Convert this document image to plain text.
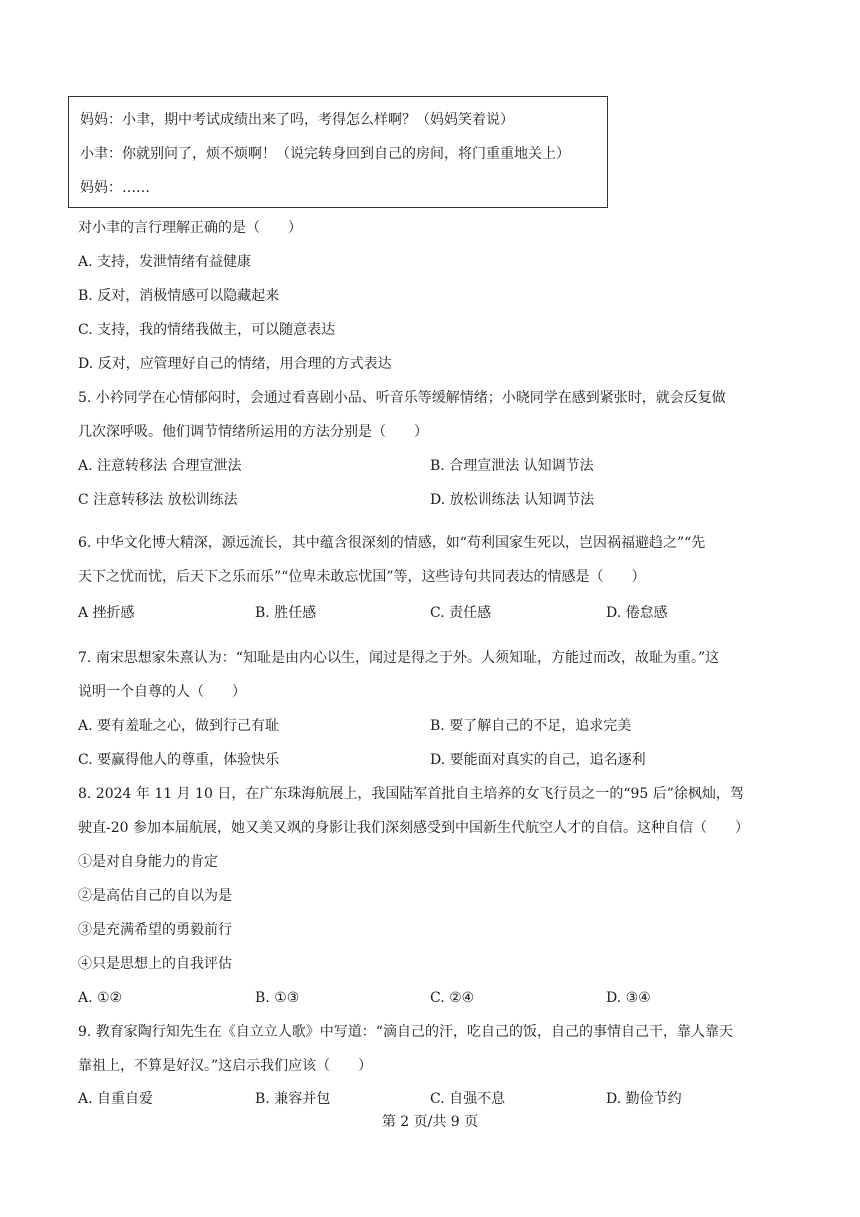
妈妈：小聿，期中考试成绩出来了吗，考得怎么样啊？（妈妈笑着说）
小聿：你就别问了，烦不烦啊！（说完转身回到自己的房间，将门重重地关上）
妈妈：……
对小聿的言行理解正确的是（　　）
A. 支持，发泄情绪有益健康
B. 反对，消极情感可以隐藏起来
C. 支持，我的情绪我做主，可以随意表达
D. 反对，应管理好自己的情绪，用合理的方式表达
5. 小衿同学在心情郁闷时，会通过看喜剧小品、听音乐等缓解情绪；小晓同学在感到紧张时，就会反复做
几次深呼吸。他们调节情绪所运用的方法分别是（　　）
A. 注意转移法 合理宣泄法	B. 合理宣泄法 认知调节法
C 注意转移法 放松训练法	D. 放松训练法 认知调节法
6. 中华文化博大精深，源远流长，其中蕴含很深刻的情感，如“苟利国家生死以，岂因祸福避趋之”“先
天下之忧而忧，后天下之乐而乐”“位卑未敢忘忧国”等，这些诗句共同表达的情感是（　　）
A 挫折感	B. 胜任感	C. 责任感	D. 倦怠感
7. 南宋思想家朱熹认为：“知耻是由内心以生，闻过是得之于外。人须知耻，方能过而改，故耻为重。”这
说明一个自尊的人（　　）
A. 要有羞耻之心，做到行己有耻	B. 要了解自己的不足，追求完美
C. 要赢得他人的尊重，体验快乐	D. 要能面对真实的自己，追名逐利
8. 2024 年 11 月 10 日，在广东珠海航展上，我国陆军首批自主培养的女飞行员之一的“95 后”徐枫灿，驾
驶直-20 参加本届航展，她又美又飒的身影让我们深刻感受到中国新生代航空人才的自信。这种自信（　　）
①是对自身能力的肯定
②是高估自己的自以为是
③是充满希望的勇毅前行
④只是思想上的自我评估
A. ①②	B. ①③	C. ②④	D. ③④
9. 教育家陶行知先生在《自立立人歌》中写道：“滴自己的汗，吃自己的饭，自己的事情自己干，靠人靠天
靠祖上，不算是好汉。”这启示我们应该（　　）
A. 自重自爱	B. 兼容并包	C. 自强不息	D. 勤俭节约
第 2 页/共 9 页
